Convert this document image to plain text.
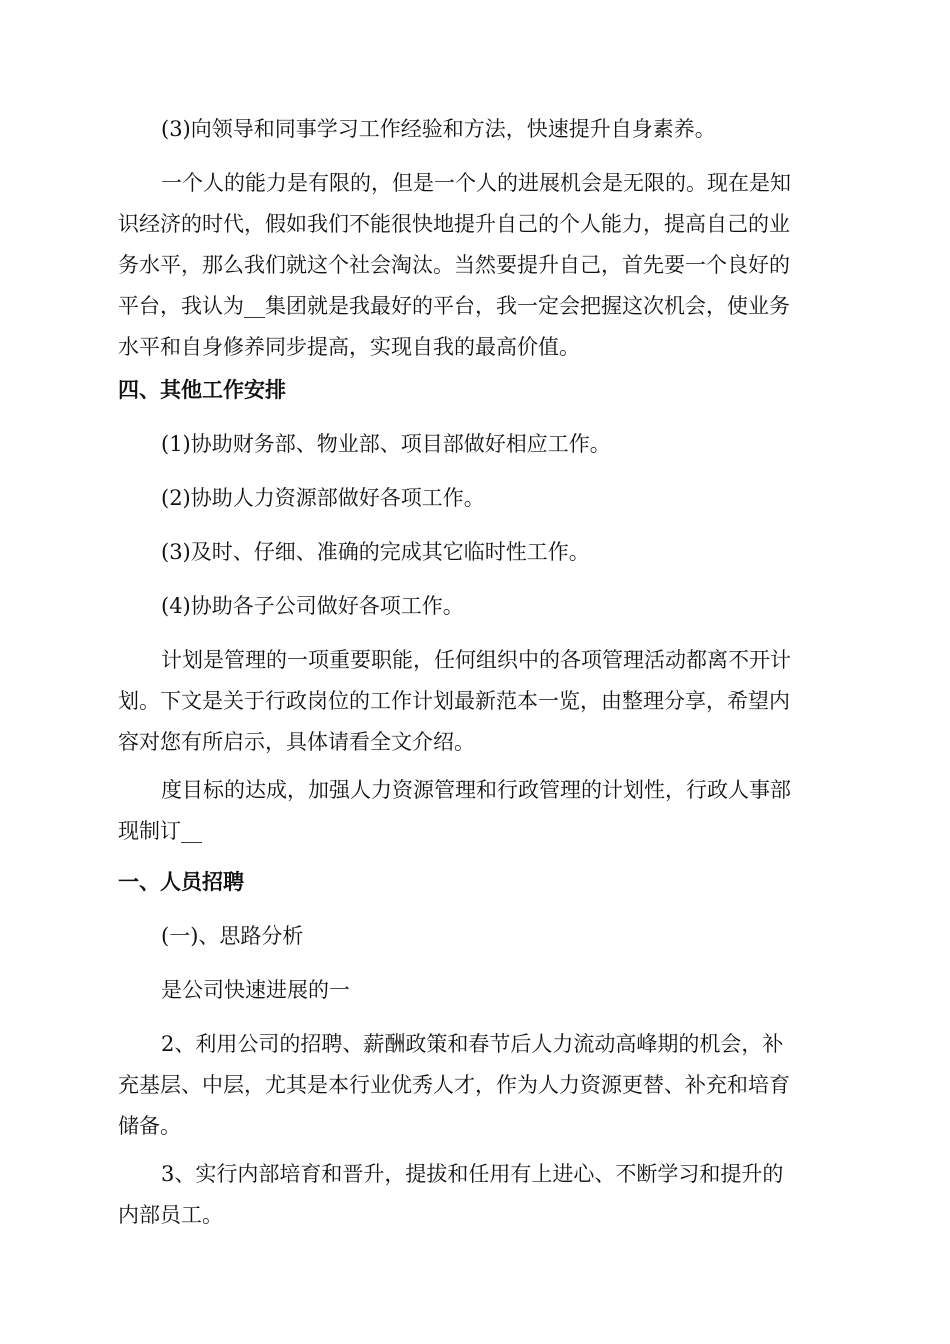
(3)向领导和同事学习工作经验和方法，快速提升自身素养。

一个人的能力是有限的，但是一个人的进展机会是无限的。现在是知
识经济的时代，假如我们不能很快地提升自己的个人能力，提高自己的业
务水平，那么我们就这个社会淘汰。当然要提升自己，首先要一个良好的
平台，我认为__集团就是我最好的平台，我一定会把握这次机会，使业务
水平和自身修养同步提高，实现自我的最高价值。

四、其他工作安排

(1)协助财务部、物业部、项目部做好相应工作。

(2)协助人力资源部做好各项工作。

(3)及时、仔细、准确的完成其它临时性工作。

(4)协助各子公司做好各项工作。

计划是管理的一项重要职能，任何组织中的各项管理活动都离不开计
划。下文是关于行政岗位的工作计划最新范本一览，由整理分享，希望内
容对您有所启示，具体请看全文介绍。

度目标的达成，加强人力资源管理和行政管理的计划性，行政人事部
现制订__

一、人员招聘

(一)、思路分析

是公司快速进展的一

2、利用公司的招聘、薪酬政策和春节后人力流动高峰期的机会，补
充基层、中层，尤其是本行业优秀人才，作为人力资源更替、补充和培育
储备。

3、实行内部培育和晋升，提拔和任用有上进心、不断学习和提升的
内部员工。
